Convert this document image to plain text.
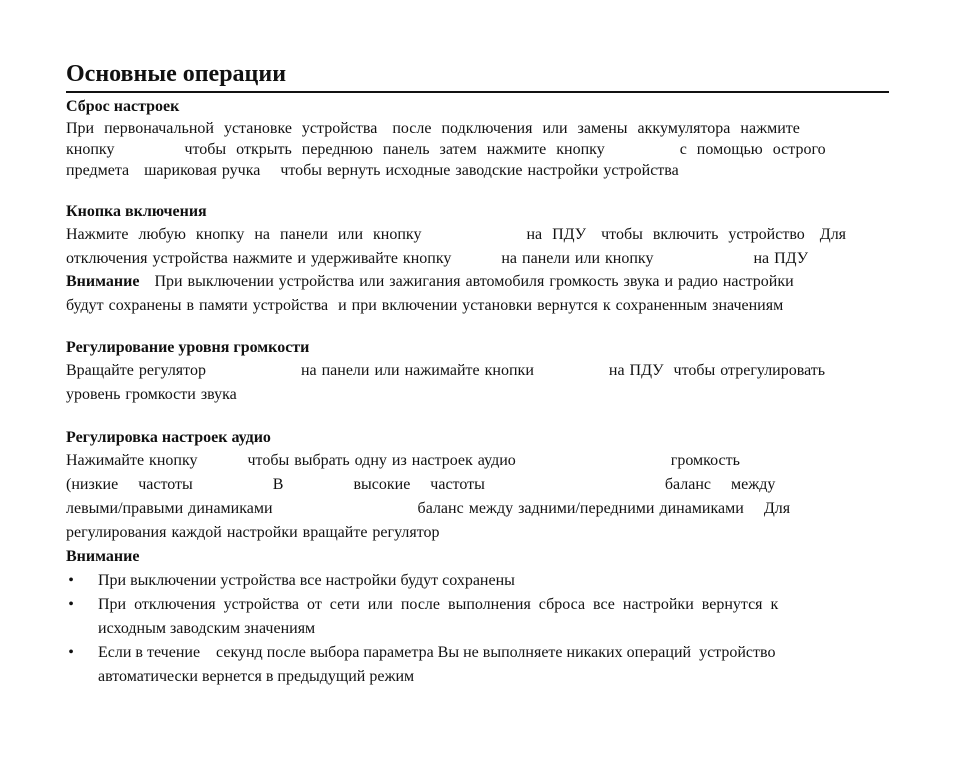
Основные операции
Сброс настроек
При  первоначальной  установке  устройства   после  подключения  или  замены  аккумулятора  нажмите
кнопку              чтобы  открыть  переднюю  панель  затем  нажмите  кнопку               с  помощью  острого
предмета   шариковая ручка    чтобы вернуть исходные заводские настройки устройства
Кнопка включения
Нажмите  любую  кнопку  на  панели  или  кнопку                     на  ПДУ   чтобы  включить  устройство   Для
отключения устройства нажмите и удерживайте кнопку          на панели или кнопку                    на ПДУ
Внимание   При выключении устройства или зажигания автомобиля громкость звука и радио настройки
будут сохранены в памяти устройства  и при включении установки вернутся к сохраненным значениям
Регулирование уровня громкости
Вращайте регулятор                   на панели или нажимайте кнопки               на ПДУ  чтобы отрегулировать
уровень громкости звука
Регулировка настроек аудио
Нажимайте кнопку          чтобы выбрать одну из настроек аудио                               громкость
(низкие    частоты                В              высокие    частоты                                    баланс    между
левыми/правыми динамиками                             баланс между задними/передними динамиками    Для
регулирования каждой настройки вращайте регулятор
Внимание
• При выключении устройства все настройки будут сохранены
• При  отключения  устройства  от  сети  или  после  выполнения  сброса  все  настройки  вернутся  к
исходным заводским значениям
• Если в течение    секунд после выбора параметра Вы не выполняете никаких операций  устройство
автоматически вернется в предыдущий режим
